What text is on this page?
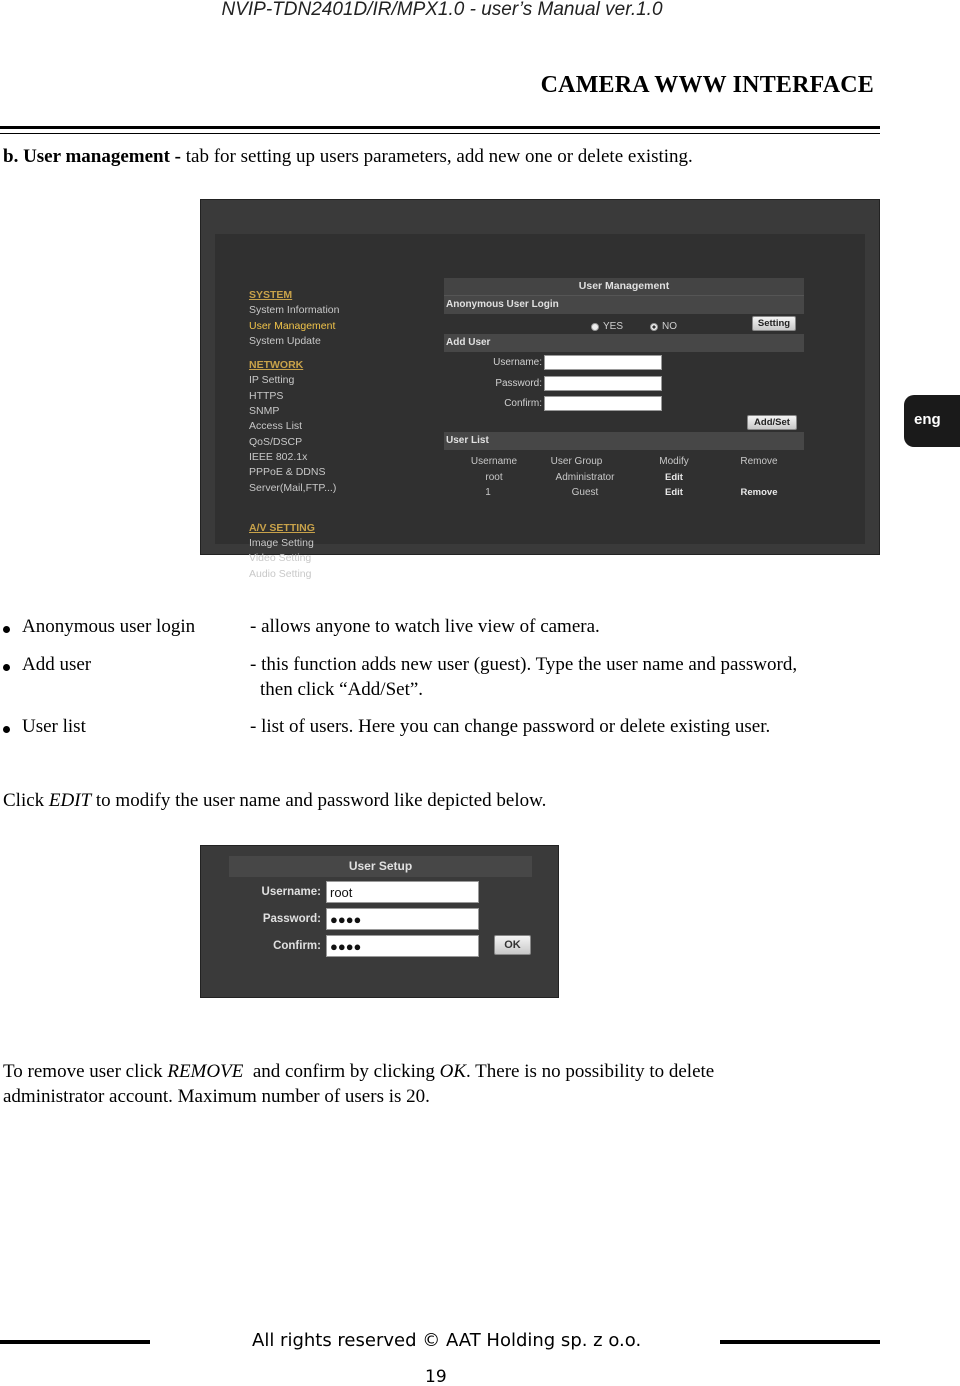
NVIP-TDN2401D/IR/MPX1.0 - user’s Manual ver.1.0
CAMERA WWW INTERFACE
b. User management - tab for setting up users parameters, add new one or delete existing.
eng
SYSTEM
System Information
User Management
System Update
NETWORK
IP Setting
HTTPS
SNMP
Access List
QoS/DSCP
IEEE 802.1x
PPPoE & DDNS
Server(Mail,FTP...)
A/V SETTING
Image Setting
Video Setting
Audio Setting
User Management
Anonymous User Login
YES	NO	Setting
Add User
Username:
Password:
Confirm:
Add/Set
User List
Username	User Group	Modify	Remove
root	Administrator	Edit
1	Guest	Edit	Remove
Anonymous user login	- allows anyone to watch live view of camera.
Add user	- this function adds new user (guest). Type the user name and password,
then click “Add/Set”.
User list	- list of users. Here you can change password or delete existing user.
Click EDIT to modify the user name and password like depicted below.
User Setup
Username: root
Password: ●●●●
Confirm: ●●●●	OK
To remove user click REMOVE  and confirm by clicking OK. There is no possibility to delete
administrator account. Maximum number of users is 20.
All rights reserved © AAT Holding sp. z o.o.
19
